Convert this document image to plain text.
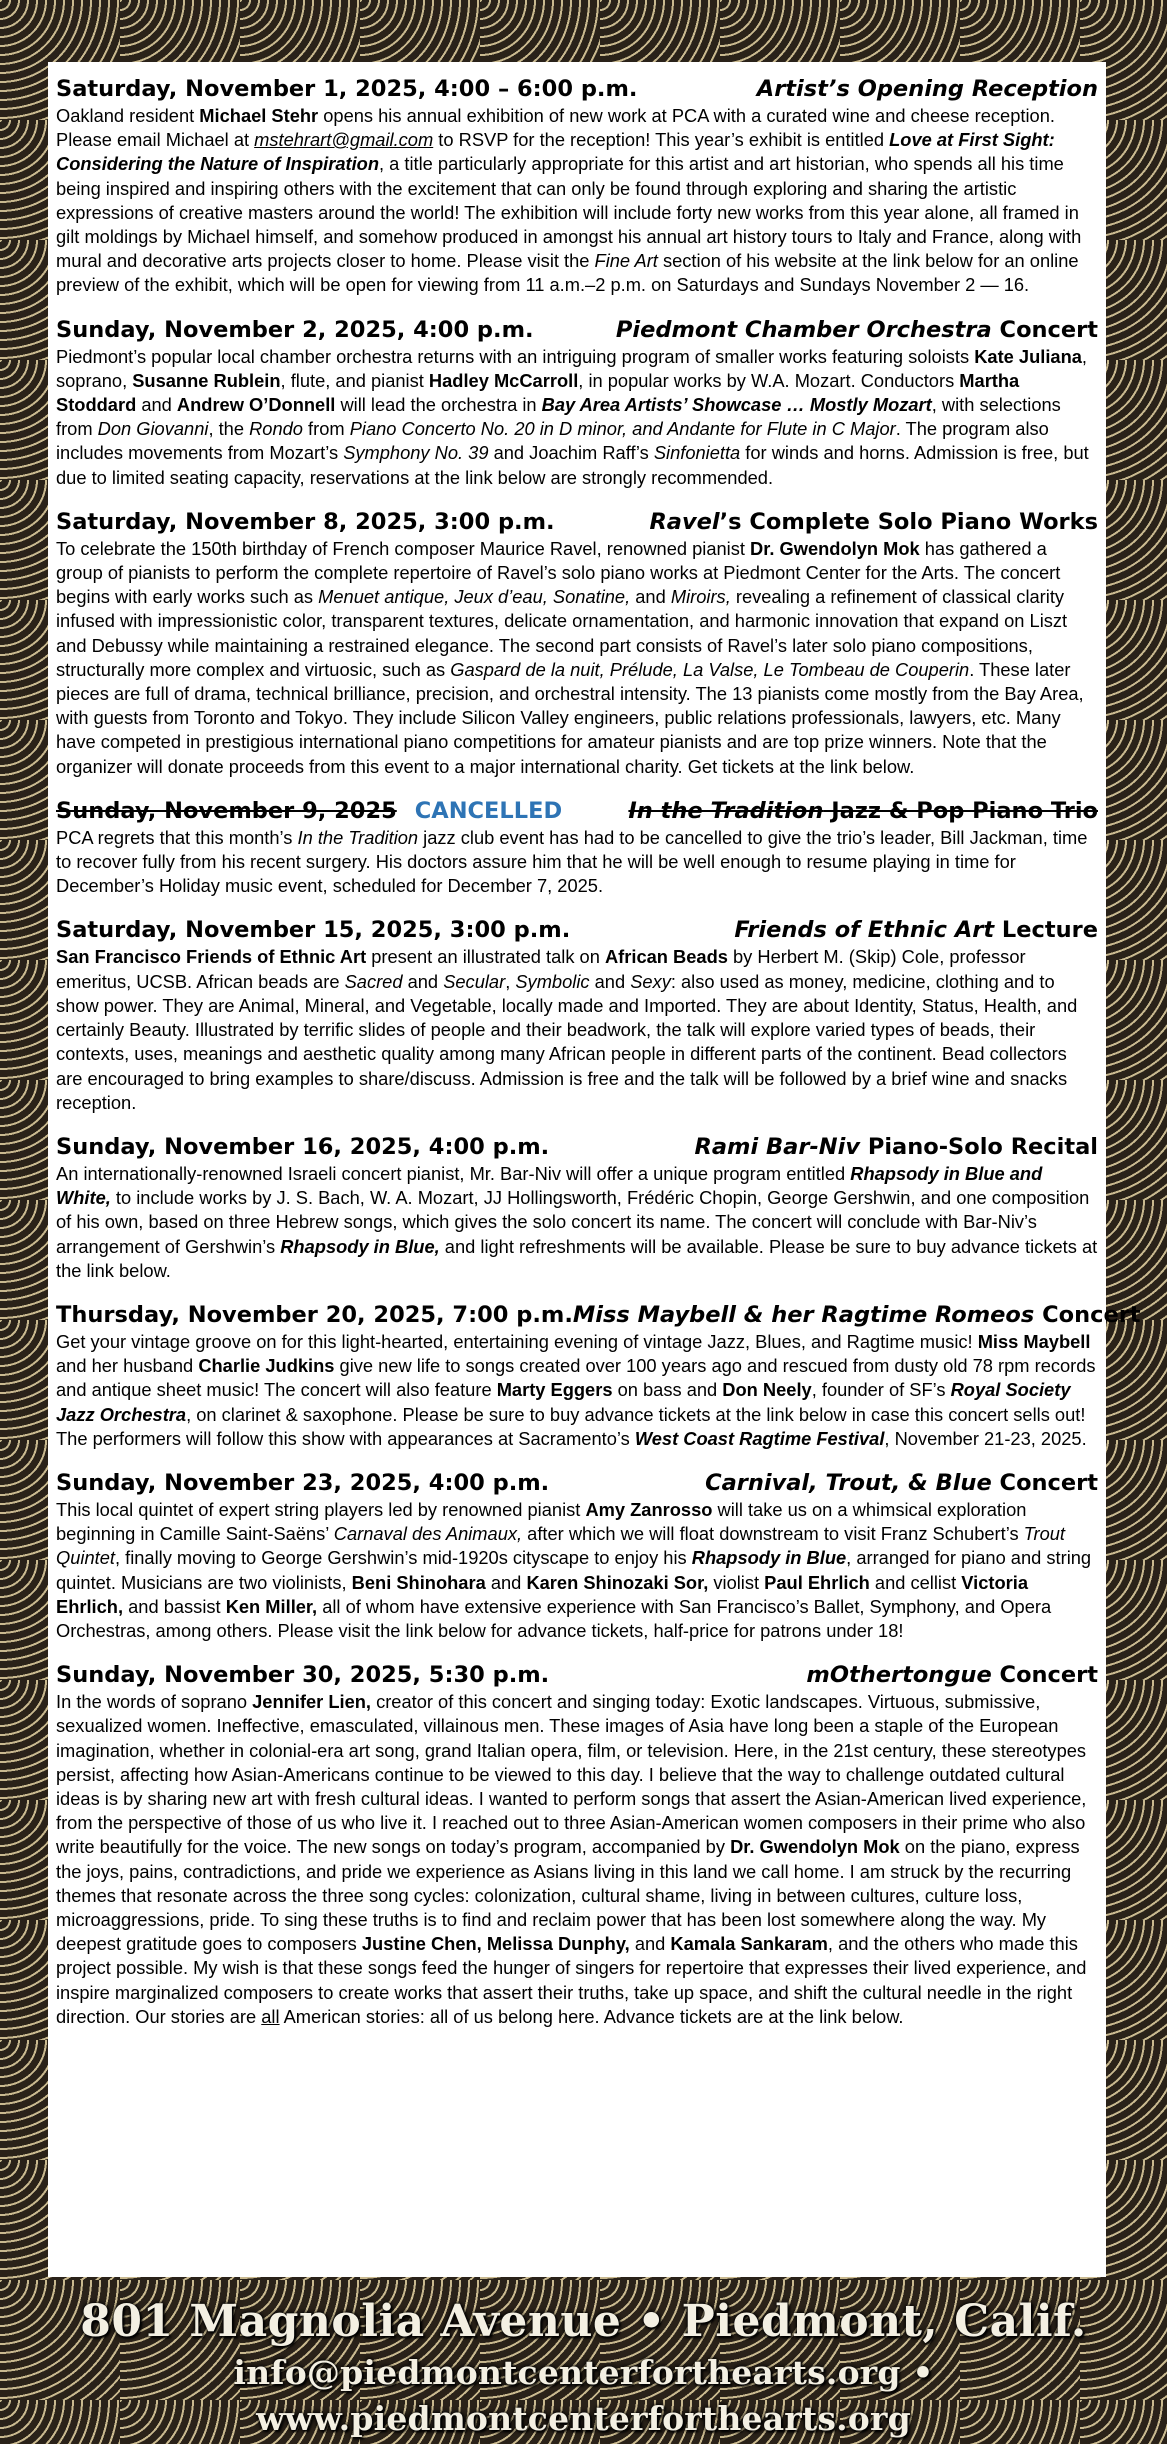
Saturday, November 1, 2025, 4:00 – 6:00 p.m.	Artist’s Opening Reception

Oakland resident Michael Stehr opens his annual exhibition of new work at PCA with a curated wine and cheese reception. Please email Michael at mstehrart@gmail.com to RSVP for the reception! This year’s exhibit is entitled Love at First Sight: Considering the Nature of Inspiration, a title particularly appropriate for this artist and art historian, who spends all his time being inspired and inspiring others with the excitement that can only be found through exploring and sharing the artistic expressions of creative masters around the world! The exhibition will include forty new works from this year alone, all framed in gilt moldings by Michael himself, and somehow produced in amongst his annual art history tours to Italy and France, along with mural and decorative arts projects closer to home. Please visit the Fine Art section of his website at the link below for an online preview of the exhibit, which will be open for viewing from 11 a.m.–2 p.m. on Saturdays and Sundays November 2 — 16.

Sunday, November 2, 2025, 4:00 p.m.	Piedmont Chamber Orchestra Concert

Piedmont’s popular local chamber orchestra returns with an intriguing program of smaller works featuring soloists Kate Juliana, soprano, Susanne Rublein, flute, and pianist Hadley McCarroll, in popular works by W.A. Mozart. Conductors Martha Stoddard and Andrew O’Donnell will lead the orchestra in Bay Area Artists’ Showcase … Mostly Mozart, with selections from Don Giovanni, the Rondo from Piano Concerto No. 20 in D minor, and Andante for Flute in C Major. The program also includes movements from Mozart’s Symphony No. 39 and Joachim Raff’s Sinfonietta for winds and horns. Admission is free, but due to limited seating capacity, reservations at the link below are strongly recommended.

Saturday, November 8, 2025, 3:00 p.m.	Ravel’s Complete Solo Piano Works

To celebrate the 150th birthday of French composer Maurice Ravel, renowned pianist Dr. Gwendolyn Mok has gathered a group of pianists to perform the complete repertoire of Ravel’s solo piano works at Piedmont Center for the Arts. The concert begins with early works such as Menuet antique, Jeux d’eau, Sonatine, and Miroirs, revealing a refinement of classical clarity infused with impressionistic color, transparent textures, delicate ornamentation, and harmonic innovation that expand on Liszt and Debussy while maintaining a restrained elegance. The second part consists of Ravel’s later solo piano compositions, structurally more complex and virtuosic, such as Gaspard de la nuit, Prélude, La Valse, Le Tombeau de Couperin. These later pieces are full of drama, technical brilliance, precision, and orchestral intensity. The 13 pianists come mostly from the Bay Area, with guests from Toronto and Tokyo. They include Silicon Valley engineers, public relations professionals, lawyers, etc. Many have competed in prestigious international piano competitions for amateur pianists and are top prize winners. Note that the organizer will donate proceeds from this event to a major international charity. Get tickets at the link below.

Sunday, November 9, 2025 CANCELLED	In the Tradition Jazz & Pop Piano Trio

PCA regrets that this month’s In the Tradition jazz club event has had to be cancelled to give the trio’s leader, Bill Jackman, time to recover fully from his recent surgery. His doctors assure him that he will be well enough to resume playing in time for December’s Holiday music event, scheduled for December 7, 2025.

Saturday, November 15, 2025, 3:00 p.m.	Friends of Ethnic Art Lecture

San Francisco Friends of Ethnic Art present an illustrated talk on African Beads by Herbert M. (Skip) Cole, professor emeritus, UCSB. African beads are Sacred and Secular, Symbolic and Sexy: also used as money, medicine, clothing and to show power. They are Animal, Mineral, and Vegetable, locally made and Imported. They are about Identity, Status, Health, and certainly Beauty. Illustrated by terrific slides of people and their beadwork, the talk will explore varied types of beads, their contexts, uses, meanings and aesthetic quality among many African people in different parts of the continent. Bead collectors are encouraged to bring examples to share/discuss. Admission is free and the talk will be followed by a brief wine and snacks reception.

Sunday, November 16, 2025, 4:00 p.m.	Rami Bar-Niv Piano-Solo Recital

An internationally-renowned Israeli concert pianist, Mr. Bar-Niv will offer a unique program entitled Rhapsody in Blue and White, to include works by J. S. Bach, W. A. Mozart, JJ Hollingsworth, Frédéric Chopin, George Gershwin, and one composition of his own, based on three Hebrew songs, which gives the solo concert its name. The concert will conclude with Bar-Niv’s arrangement of Gershwin’s Rhapsody in Blue, and light refreshments will be available. Please be sure to buy advance tickets at the link below.

Thursday, November 20, 2025, 7:00 p.m. Miss Maybell & her Ragtime Romeos Concert

Get your vintage groove on for this light-hearted, entertaining evening of vintage Jazz, Blues, and Ragtime music! Miss Maybell and her husband Charlie Judkins give new life to songs created over 100 years ago and rescued from dusty old 78 rpm records and antique sheet music! The concert will also feature Marty Eggers on bass and Don Neely, founder of SF’s Royal Society Jazz Orchestra, on clarinet & saxophone. Please be sure to buy advance tickets at the link below in case this concert sells out! The performers will follow this show with appearances at Sacramento’s West Coast Ragtime Festival, November 21-23, 2025.

Sunday, November 23, 2025, 4:00 p.m.	Carnival, Trout, & Blue Concert

This local quintet of expert string players led by renowned pianist Amy Zanrosso will take us on a whimsical exploration beginning in Camille Saint-Saëns’ Carnaval des Animaux, after which we will float downstream to visit Franz Schubert’s Trout Quintet, finally moving to George Gershwin’s mid-1920s cityscape to enjoy his Rhapsody in Blue, arranged for piano and string quintet. Musicians are two violinists, Beni Shinohara and Karen Shinozaki Sor, violist Paul Ehrlich and cellist Victoria Ehrlich, and bassist Ken Miller, all of whom have extensive experience with San Francisco’s Ballet, Symphony, and Opera Orchestras, among others. Please visit the link below for advance tickets, half-price for patrons under 18!

Sunday, November 30, 2025, 5:30 p.m.	mOthertongue Concert

In the words of soprano Jennifer Lien, creator of this concert and singing today: Exotic landscapes. Virtuous, submissive, sexualized women. Ineffective, emasculated, villainous men. These images of Asia have long been a staple of the European imagination, whether in colonial-era art song, grand Italian opera, film, or television. Here, in the 21st century, these stereotypes persist, affecting how Asian-Americans continue to be viewed to this day. I believe that the way to challenge outdated cultural ideas is by sharing new art with fresh cultural ideas. I wanted to perform songs that assert the Asian-American lived experience, from the perspective of those of us who live it. I reached out to three Asian-American women composers in their prime who also write beautifully for the voice. The new songs on today’s program, accompanied by Dr. Gwendolyn Mok on the piano, express the joys, pains, contradictions, and pride we experience as Asians living in this land we call home. I am struck by the recurring themes that resonate across the three song cycles: colonization, cultural shame, living in between cultures, culture loss, microaggressions, pride. To sing these truths is to find and reclaim power that has been lost somewhere along the way. My deepest gratitude goes to composers Justine Chen, Melissa Dunphy, and Kamala Sankaram, and the others who made this project possible. My wish is that these songs feed the hunger of singers for repertoire that expresses their lived experience, and inspire marginalized composers to create works that assert their truths, take up space, and shift the cultural needle in the right direction. Our stories are all American stories: all of us belong here. Advance tickets are at the link below.

801 Magnolia Avenue • Piedmont, Calif.
info@piedmontcenterforthearts.org • www.piedmontcenterforthearts.org
